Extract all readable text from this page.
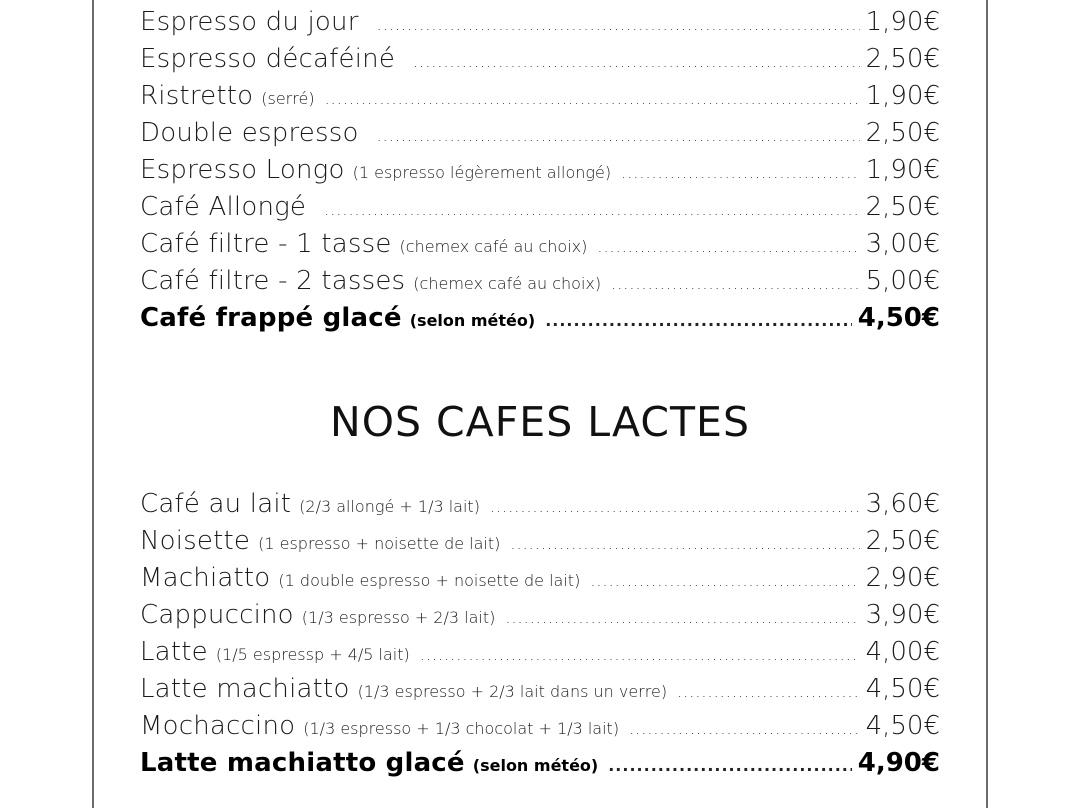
Espresso du jour .....	1,90€
Espresso décaféiné .....	2,50€
Ristretto (serré) .....	1,90€
Double espresso .....	2,50€
Espresso Longo (1 espresso légèrement allongé) .....	1,90€
Café Allongé .....	2,50€
Café filtre - 1 tasse (chemex café au choix) .....	3,00€
Café filtre - 2 tasses (chemex café au choix) .....	5,00€
Café frappé glacé (selon météo) .....	4,50€
NOS CAFES LACTES
Café au lait (2/3 allongé + 1/3 lait) .....	3,60€
Noisette (1 espresso + noisette de lait) .....	2,50€
Machiatto (1 double espresso + noisette de lait) .....	2,90€
Cappuccino (1/3 espresso + 2/3 lait) .....	3,90€
Latte (1/5 espressp + 4/5 lait) .....	4,00€
Latte machiatto (1/3 espresso + 2/3 lait dans un verre) .....	4,50€
Mochaccino (1/3 espresso + 1/3 chocolat + 1/3 lait) .....	4,50€
Latte machiatto glacé (selon météo) .....	4,90€
